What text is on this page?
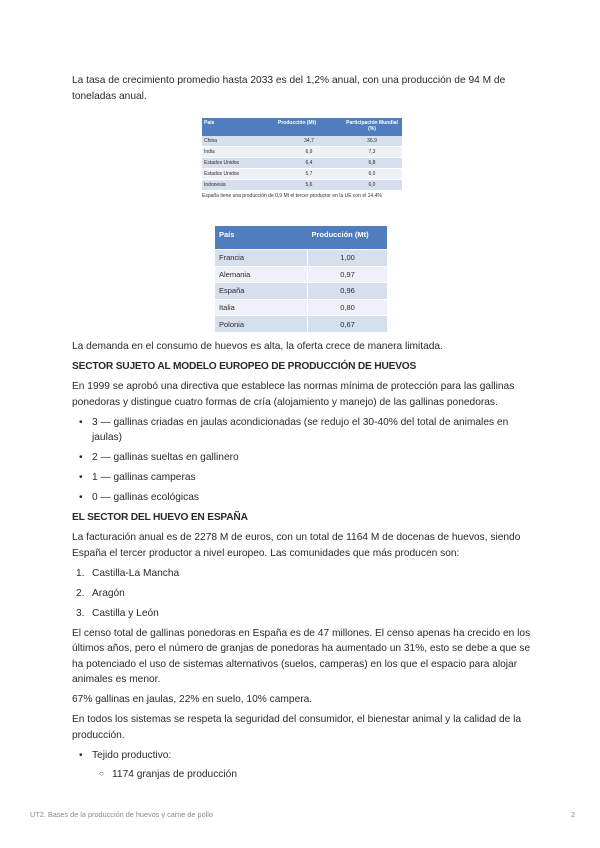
La tasa de crecimiento promedio hasta 2033 es del 1,2% anual, con una producción de 94 M de toneladas anual.

País	Producción (Mt)	Participación Mundial (%)
China	34,7	36,9
India	6,9	7,3
Estados Unidos	6,4	6,8
Estados Unidos	5,7	6,0
Indonesia	5,6	6,0
España tiene una producción de 0,9 Mt el tercer productor en la UE con el 14,4%
País	Producción (Mt)
Francia	1,00
Alemania	0,97
España	0,96
Italia	0,80
Polonia	0,67

La demanda en el consumo de huevos es alta, la oferta crece de manera limitada.

SECTOR SUJETO AL MODELO EUROPEO DE PRODUCCIÓN DE HUEVOS

En 1999 se aprobó una directiva que establece las normas mínima de protección para las gallinas ponedoras y distingue cuatro formas de cría (alojamiento y manejo) de las gallinas ponedoras.

• 3 — gallinas criadas en jaulas acondicionadas (se redujo el 30-40% del total de animales en jaulas)
• 2 — gallinas sueltas en gallinero
• 1 — gallinas camperas
• 0 — gallinas ecológicas
EL SECTOR DEL HUEVO EN ESPAÑA

La facturación anual es de 2278 M de euros, con un total de 1164 M de docenas de huevos, siendo España el tercer productor a nivel europeo. Las comunidades que más producen son:

1. Castilla-La Mancha
2. Aragón
3. Castilla y León

El censo total de gallinas ponedoras en España es de 47 millones. El censo apenas ha crecido en los últimos años, pero el número de granjas de ponedoras ha aumentado un 31%, esto se debe a que se ha potenciado el uso de sistemas alternativos (suelos, camperas) en los que el espacio para alojar animales es menor.

67% gallinas en jaulas, 22% en suelo, 10% campera.

En todos los sistemas se respeta la seguridad del consumidor, el bienestar animal y la calidad de la producción.

• Tejido productivo:
○ 1174 granjas de producción
UT2. Bases de la producción de huevos y carne de pollo	2
